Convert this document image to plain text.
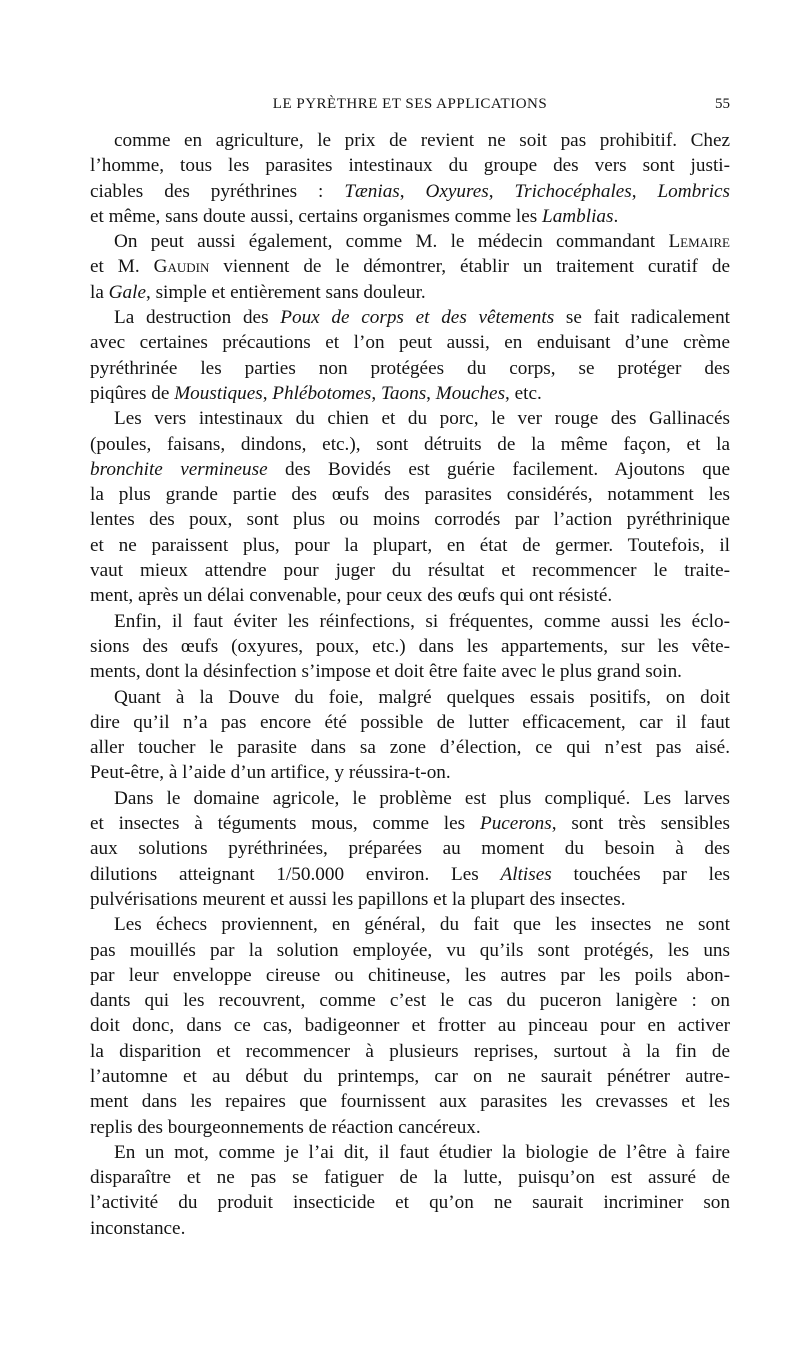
LE PYRÈTHRE ET SES APPLICATIONS	55
comme en agriculture, le prix de revient ne soit pas prohibitif. Chez
l’homme, tous les parasites intestinaux du groupe des vers sont justi-
ciables des pyréthrines : Tænias, Oxyures, Trichocéphales, Lombrics
et même, sans doute aussi, certains organismes comme les Lamblias.
On peut aussi également, comme M. le médecin commandant Lemaire
et M. Gaudin viennent de le démontrer, établir un traitement curatif de
la Gale, simple et entièrement sans douleur.
La destruction des Poux de corps et des vêtements se fait radicalement
avec certaines précautions et l’on peut aussi, en enduisant d’une crème
pyréthrinée les parties non protégées du corps, se protéger des
piqûres de Moustiques, Phlébotomes, Taons, Mouches, etc.
Les vers intestinaux du chien et du porc, le ver rouge des Gallinacés
(poules, faisans, dindons, etc.), sont détruits de la même façon, et la
bronchite vermineuse des Bovidés est guérie facilement. Ajoutons que
la plus grande partie des œufs des parasites considérés, notamment les
lentes des poux, sont plus ou moins corrodés par l’action pyréthrinique
et ne paraissent plus, pour la plupart, en état de germer. Toutefois, il
vaut mieux attendre pour juger du résultat et recommencer le traite-
ment, après un délai convenable, pour ceux des œufs qui ont résisté.
Enfin, il faut éviter les réinfections, si fréquentes, comme aussi les éclo-
sions des œufs (oxyures, poux, etc.) dans les appartements, sur les vête-
ments, dont la désinfection s’impose et doit être faite avec le plus grand soin.
Quant à la Douve du foie, malgré quelques essais positifs, on doit
dire qu’il n’a pas encore été possible de lutter efficacement, car il faut
aller toucher le parasite dans sa zone d’élection, ce qui n’est pas aisé.
Peut-être, à l’aide d’un artifice, y réussira-t-on.
Dans le domaine agricole, le problème est plus compliqué. Les larves
et insectes à téguments mous, comme les Pucerons, sont très sensibles
aux solutions pyréthrinées, préparées au moment du besoin à des
dilutions atteignant 1/50.000 environ. Les Altises touchées par les
pulvérisations meurent et aussi les papillons et la plupart des insectes.
Les échecs proviennent, en général, du fait que les insectes ne sont
pas mouillés par la solution employée, vu qu’ils sont protégés, les uns
par leur enveloppe cireuse ou chitineuse, les autres par les poils abon-
dants qui les recouvrent, comme c’est le cas du puceron lanigère : on
doit donc, dans ce cas, badigeonner et frotter au pinceau pour en activer
la disparition et recommencer à plusieurs reprises, surtout à la fin de
l’automne et au début du printemps, car on ne saurait pénétrer autre-
ment dans les repaires que fournissent aux parasites les crevasses et les
replis des bourgeonnements de réaction cancéreux.
En un mot, comme je l’ai dit, il faut étudier la biologie de l’être à faire
disparaître et ne pas se fatiguer de la lutte, puisqu’on est assuré de
l’activité du produit insecticide et qu’on ne saurait incriminer son
inconstance.
